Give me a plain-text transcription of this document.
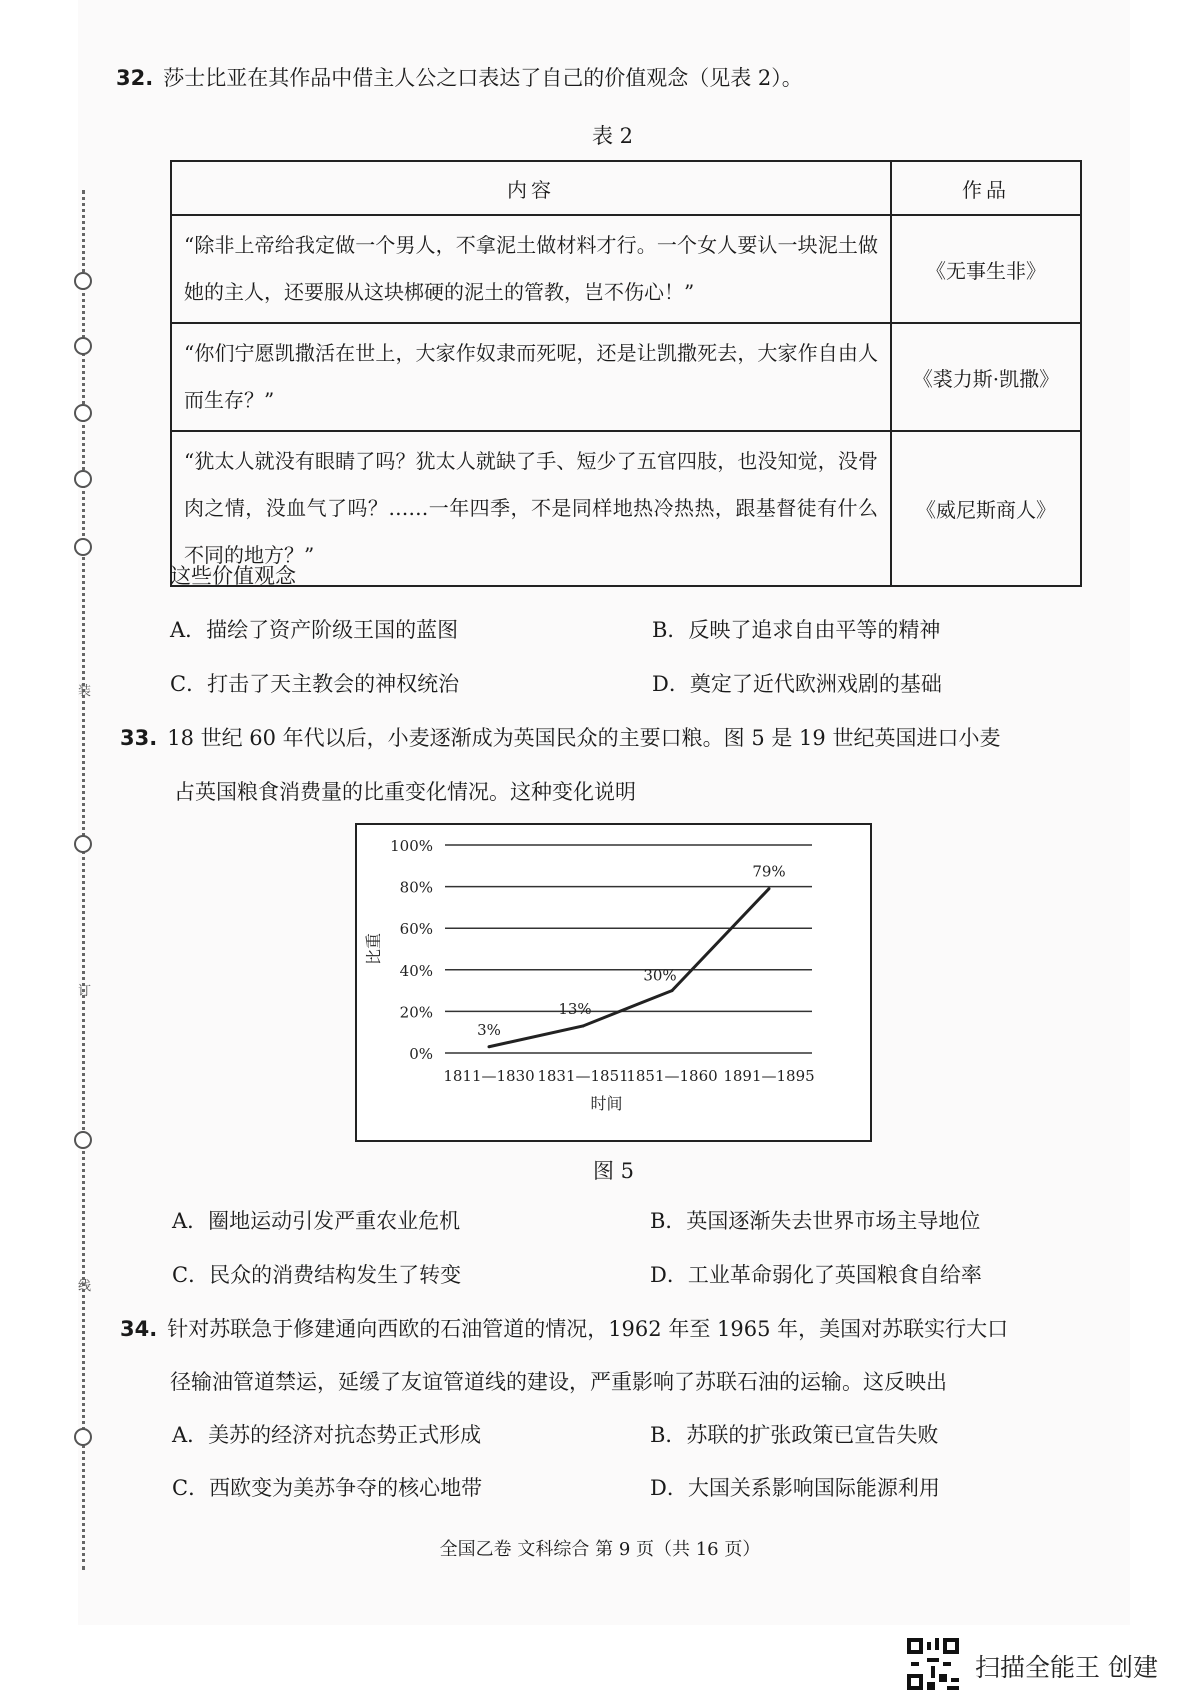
装
订
线
32. 莎士比亚在其作品中借主人公之口表达了自己的价值观念（见表 2）。
表 2
内容	作品
“除非上帝给我定做一个男人，不拿泥土做材料才行。一个女人要认一块泥土做她的主人，还要服从这块梆硬的泥土的管教，岂不伤心！”	《无事生非》
“你们宁愿凯撒活在世上，大家作奴隶而死呢，还是让凯撒死去，大家作自由人而生存？”	《裘力斯·凯撒》
“犹太人就没有眼睛了吗？犹太人就缺了手、短少了五官四肢，也没知觉，没骨肉之情，没血气了吗？……一年四季，不是同样地热冷热热，跟基督徒有什么不同的地方？”	《威尼斯商人》
这些价值观念
A．描绘了资产阶级王国的蓝图	B．反映了追求自由平等的精神
C．打击了天主教会的神权统治	D．奠定了近代欧洲戏剧的基础
33. 18 世纪 60 年代以后，小麦逐渐成为英国民众的主要口粮。图 5 是 19 世纪英国进口小麦
占英国粮食消费量的比重变化情况。这种变化说明
0%
20%
40%
60%
80%
100%
1811—1830 1831—1851
1851—1860 1891—1895
3%
13%
30%
79%
时间
比重
图 5
A．圈地运动引发严重农业危机	B．英国逐渐失去世界市场主导地位
C．民众的消费结构发生了转变	D．工业革命弱化了英国粮食自给率
34. 针对苏联急于修建通向西欧的石油管道的情况，1962 年至 1965 年，美国对苏联实行大口
径输油管道禁运，延缓了友谊管道线的建设，严重影响了苏联石油的运输。这反映出
A．美苏的经济对抗态势正式形成	B．苏联的扩张政策已宣告失败
C．西欧变为美苏争夺的核心地带	D．大国关系影响国际能源利用
全国乙卷 文科综合 第 9 页（共 16 页）
扫描全能王 创建
